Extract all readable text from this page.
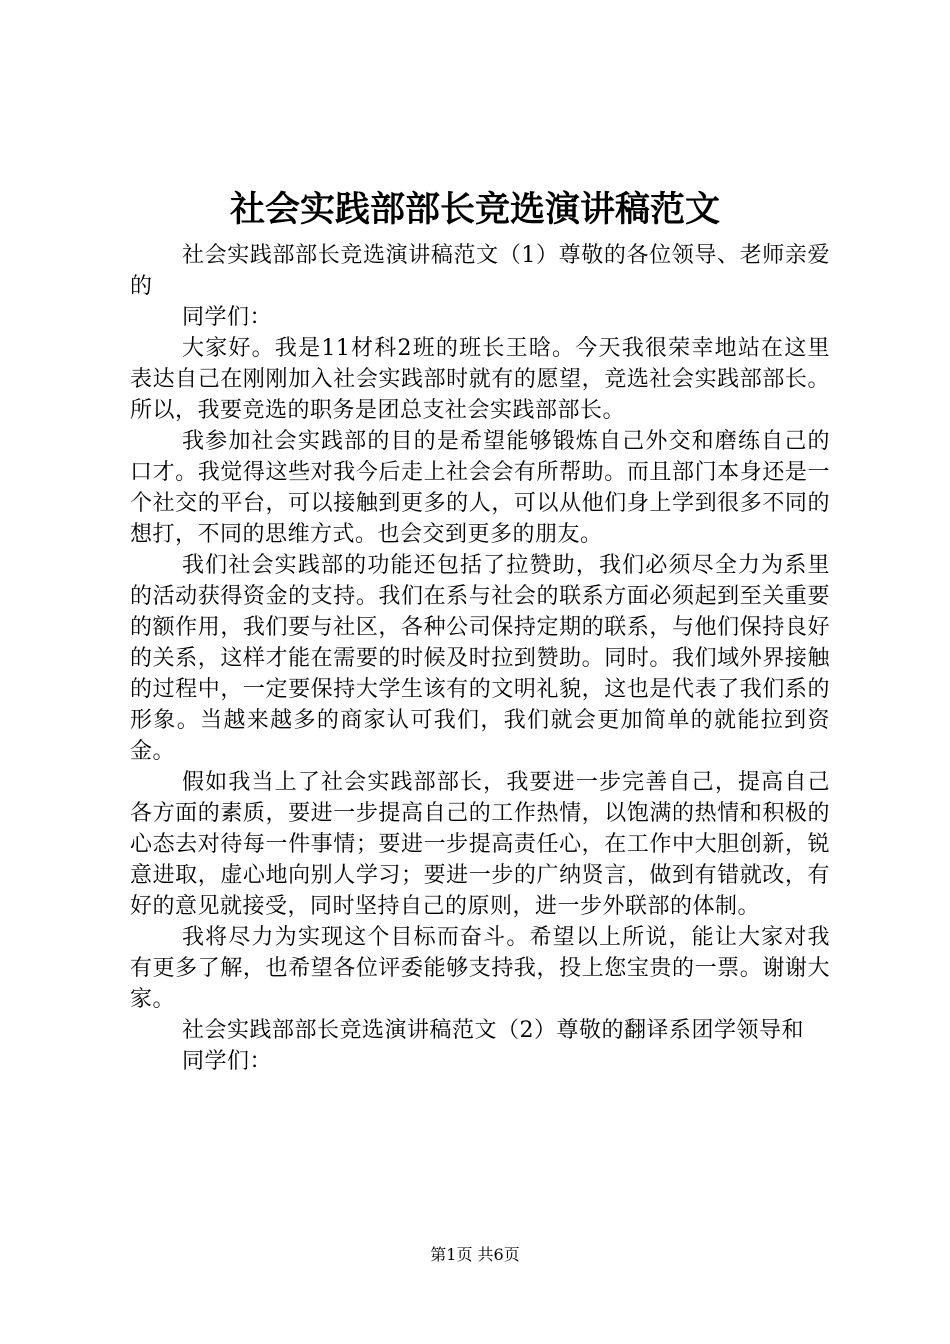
社会实践部部长竞选演讲稿范文

社会实践部部长竞选演讲稿范文（1）尊敬的各位领导、老师亲爱的

同学们：

大家好。我是11材科2班的班长王晗。今天我很荣幸地站在这里表达自己在刚刚加入社会实践部时就有的愿望，竞选社会实践部部长。所以，我要竞选的职务是团总支社会实践部部长。

我参加社会实践部的目的是希望能够锻炼自己外交和磨练自己的口才。我觉得这些对我今后走上社会会有所帮助。而且部门本身还是一个社交的平台，可以接触到更多的人，可以从他们身上学到很多不同的想打，不同的思维方式。也会交到更多的朋友。

我们社会实践部的功能还包括了拉赞助，我们必须尽全力为系里的活动获得资金的支持。我们在系与社会的联系方面必须起到至关重要的额作用，我们要与社区，各种公司保持定期的联系，与他们保持良好的关系，这样才能在需要的时候及时拉到赞助。同时。我们域外界接触的过程中，一定要保持大学生该有的文明礼貌，这也是代表了我们系的形象。当越来越多的商家认可我们，我们就会更加简单的就能拉到资金。

假如我当上了社会实践部部长，我要进一步完善自己，提高自己各方面的素质，要进一步提高自己的工作热情，以饱满的热情和积极的心态去对待每一件事情；要进一步提高责任心，在工作中大胆创新，锐意进取，虚心地向别人学习；要进一步的广纳贤言，做到有错就改，有好的意见就接受，同时坚持自己的原则，进一步外联部的体制。

我将尽力为实现这个目标而奋斗。希望以上所说，能让大家对我有更多了解，也希望各位评委能够支持我，投上您宝贵的一票。谢谢大家。

社会实践部部长竞选演讲稿范文（2）尊敬的翻译系团学领导和

同学们：

第1页 共6页
